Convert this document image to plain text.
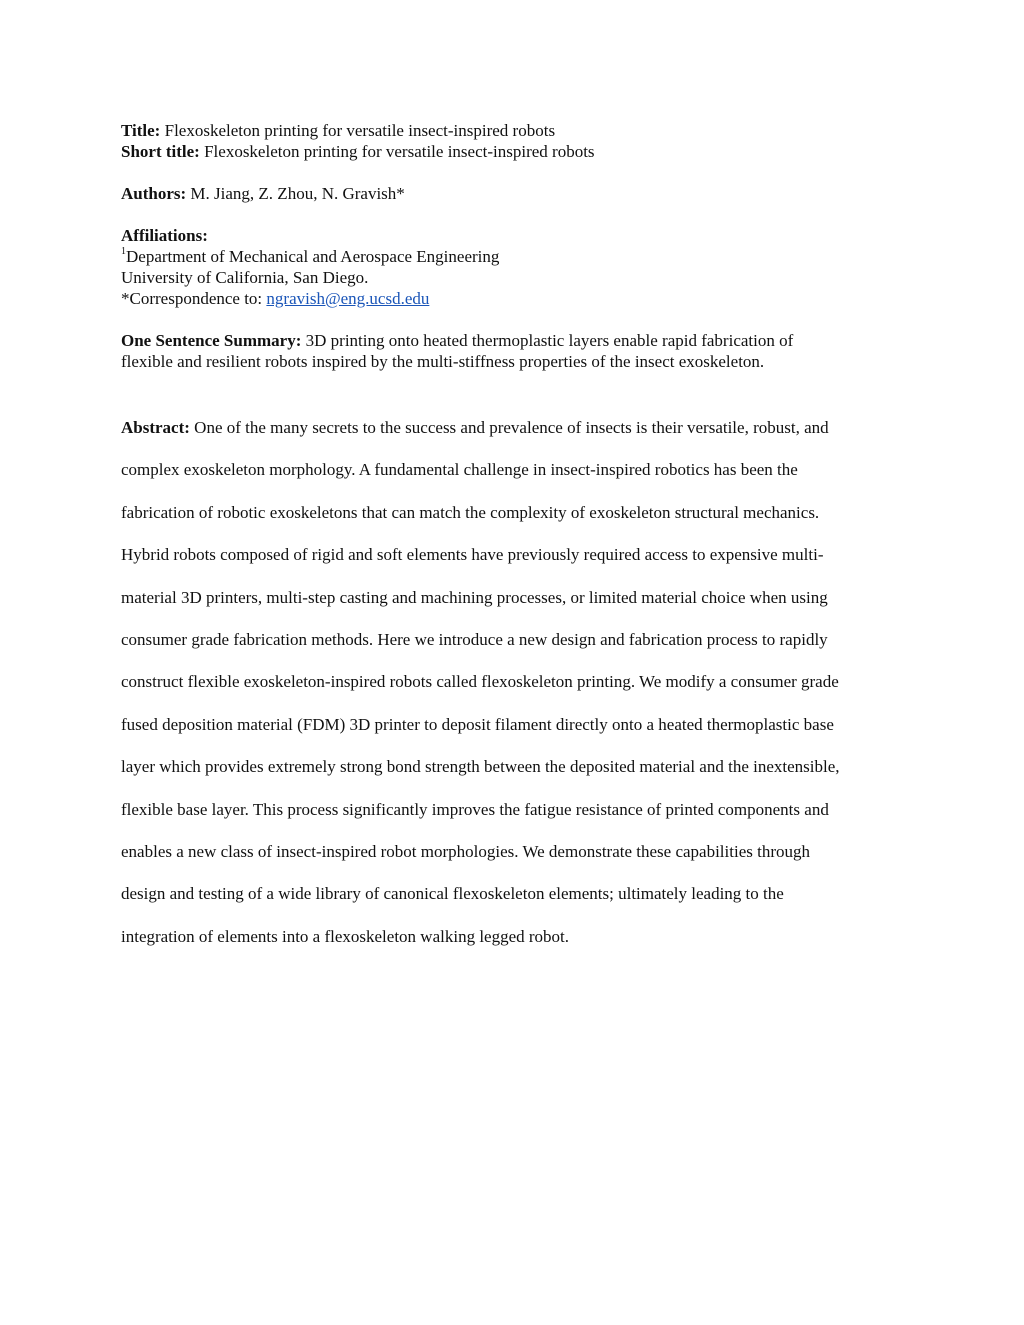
Title: Flexoskeleton printing for versatile insect-inspired robots
Short title: Flexoskeleton printing for versatile insect-inspired robots
Authors: M. Jiang, Z. Zhou, N. Gravish*
Affiliations:
$^1$Department of Mechanical and Aerospace Engineering
University of California, San Diego.
*Correspondence to: ngravish@eng.ucsd.edu
One Sentence Summary: 3D printing onto heated thermoplastic layers enable rapid fabrication of
flexible and resilient robots inspired by the multi-stiffness properties of the insect exoskeleton.
Abstract: One of the many secrets to the success and prevalence of insects is their versatile, robust, and
complex exoskeleton morphology. A fundamental challenge in insect-inspired robotics has been the
fabrication of robotic exoskeletons that can match the complexity of exoskeleton structural mechanics.
Hybrid robots composed of rigid and soft elements have previously required access to expensive multi-
material 3D printers, multi-step casting and machining processes, or limited material choice when using
consumer grade fabrication methods. Here we introduce a new design and fabrication process to rapidly
construct flexible exoskeleton-inspired robots called flexoskeleton printing. We modify a consumer grade
fused deposition material (FDM) 3D printer to deposit filament directly onto a heated thermoplastic base
layer which provides extremely strong bond strength between the deposited material and the inextensible,
flexible base layer. This process significantly improves the fatigue resistance of printed components and
enables a new class of insect-inspired robot morphologies. We demonstrate these capabilities through
design and testing of a wide library of canonical flexoskeleton elements; ultimately leading to the
integration of elements into a flexoskeleton walking legged robot.
